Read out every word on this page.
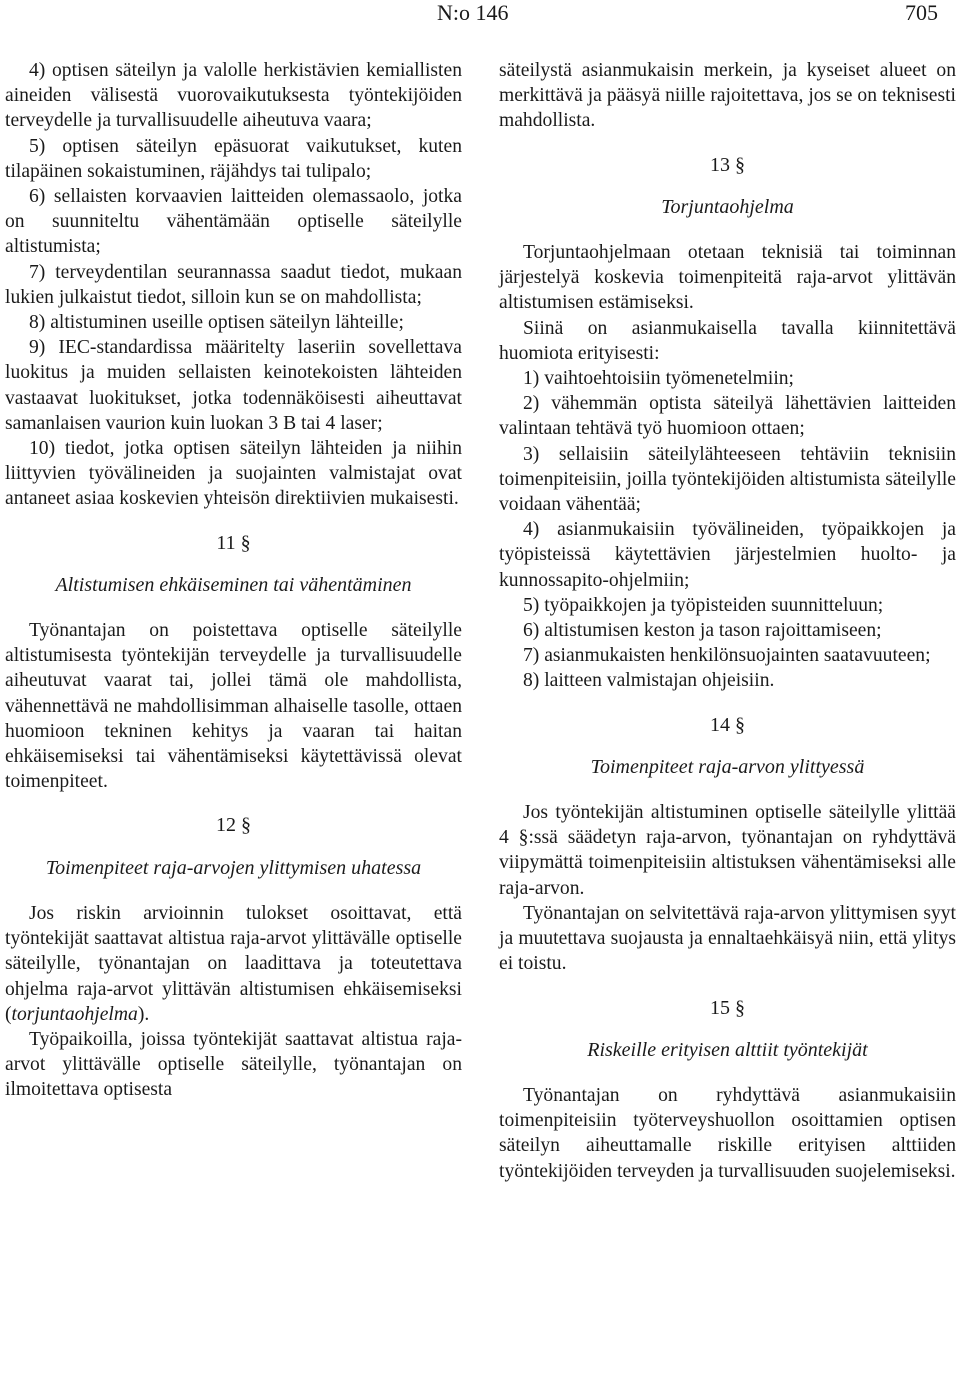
N:o 146	705

4) optisen säteilyn ja valolle herkistävien kemiallisten aineiden välisestä vuorovaikutuksesta työntekijöiden terveydelle ja turvallisuudelle aiheutuva vaara;

5) optisen säteilyn epäsuorat vaikutukset, kuten tilapäinen sokaistuminen, räjähdys tai tulipalo;

6) sellaisten korvaavien laitteiden olemassaolo, jotka on suunniteltu vähentämään optiselle säteilylle altistumista;

7) terveydentilan seurannassa saadut tiedot, mukaan lukien julkaistut tiedot, silloin kun se on mahdollista;

8) altistuminen useille optisen säteilyn lähteille;

9) IEC-standardissa määritelty laseriin sovellettava luokitus ja muiden sellaisten keinotekoisten lähteiden vastaavat luokitukset, jotka todennäköisesti aiheuttavat samanlaisen vaurion kuin luokan 3 B tai 4 laser;

10) tiedot, jotka optisen säteilyn lähteiden ja niihin liittyvien työvälineiden ja suojainten valmistajat ovat antaneet asiaa koskevien yhteisön direktiivien mukaisesti.

11 §

Altistumisen ehkäiseminen tai vähentäminen

Työnantajan on poistettava optiselle säteilylle altistumisesta työntekijän terveydelle ja turvallisuudelle aiheutuvat vaarat tai, jollei tämä ole mahdollista, vähennettävä ne mahdollisimman alhaiselle tasolle, ottaen huomioon tekninen kehitys ja vaaran tai haitan ehkäisemiseksi tai vähentämiseksi käytettävissä olevat toimenpiteet.

12 §

Toimenpiteet raja-arvojen ylittymisen uhatessa

Jos riskin arvioinnin tulokset osoittavat, että työntekijät saattavat altistua raja-arvot ylittävälle optiselle säteilylle, työnantajan on laadittava ja toteutettava ohjelma raja-arvot ylittävän altistumisen ehkäisemiseksi (torjuntaohjelma).

Työpaikoilla, joissa työntekijät saattavat altistua raja-arvot ylittävälle optiselle säteilylle, työnantajan on ilmoitettava optisesta

säteilystä asianmukaisin merkein, ja kyseiset alueet on merkittävä ja pääsyä niille rajoitettava, jos se on teknisesti mahdollista.

13 §

Torjuntaohjelma

Torjuntaohjelmaan otetaan teknisiä tai toiminnan järjestelyä koskevia toimenpiteitä raja-arvot ylittävän altistumisen estämiseksi.

Siinä on asianmukaisella tavalla kiinnitettävä huomiota erityisesti:

1) vaihtoehtoisiin työmenetelmiin;

2) vähemmän optista säteilyä lähettävien laitteiden valintaan tehtävä työ huomioon ottaen;

3) sellaisiin säteilylähteeseen tehtäviin teknisiin toimenpiteisiin, joilla työntekijöiden altistumista säteilylle voidaan vähentää;

4) asianmukaisiin työvälineiden, työpaikkojen ja työpisteissä käytettävien järjestelmien huolto- ja kunnossapito-ohjelmiin;

5) työpaikkojen ja työpisteiden suunnitteluun;

6) altistumisen keston ja tason rajoittamiseen;

7) asianmukaisten henkilönsuojainten saatavuuteen;

8) laitteen valmistajan ohjeisiin.

14 §

Toimenpiteet raja-arvon ylittyessä

Jos työntekijän altistuminen optiselle säteilylle ylittää 4 §:ssä säädetyn raja-arvon, työnantajan on ryhdyttävä viipymättä toimenpiteisiin altistuksen vähentämiseksi alle raja-arvon.

Työnantajan on selvitettävä raja-arvon ylittymisen syyt ja muutettava suojausta ja ennaltaehkäisyä niin, että ylitys ei toistu.

15 §

Riskeille erityisen alttiit työntekijät

Työnantajan on ryhdyttävä asianmukaisiin toimenpiteisiin työterveyshuollon osoittamien optisen säteilyn aiheuttamalle riskille erityisen alttiiden työntekijöiden terveyden ja turvallisuuden suojelemiseksi.
